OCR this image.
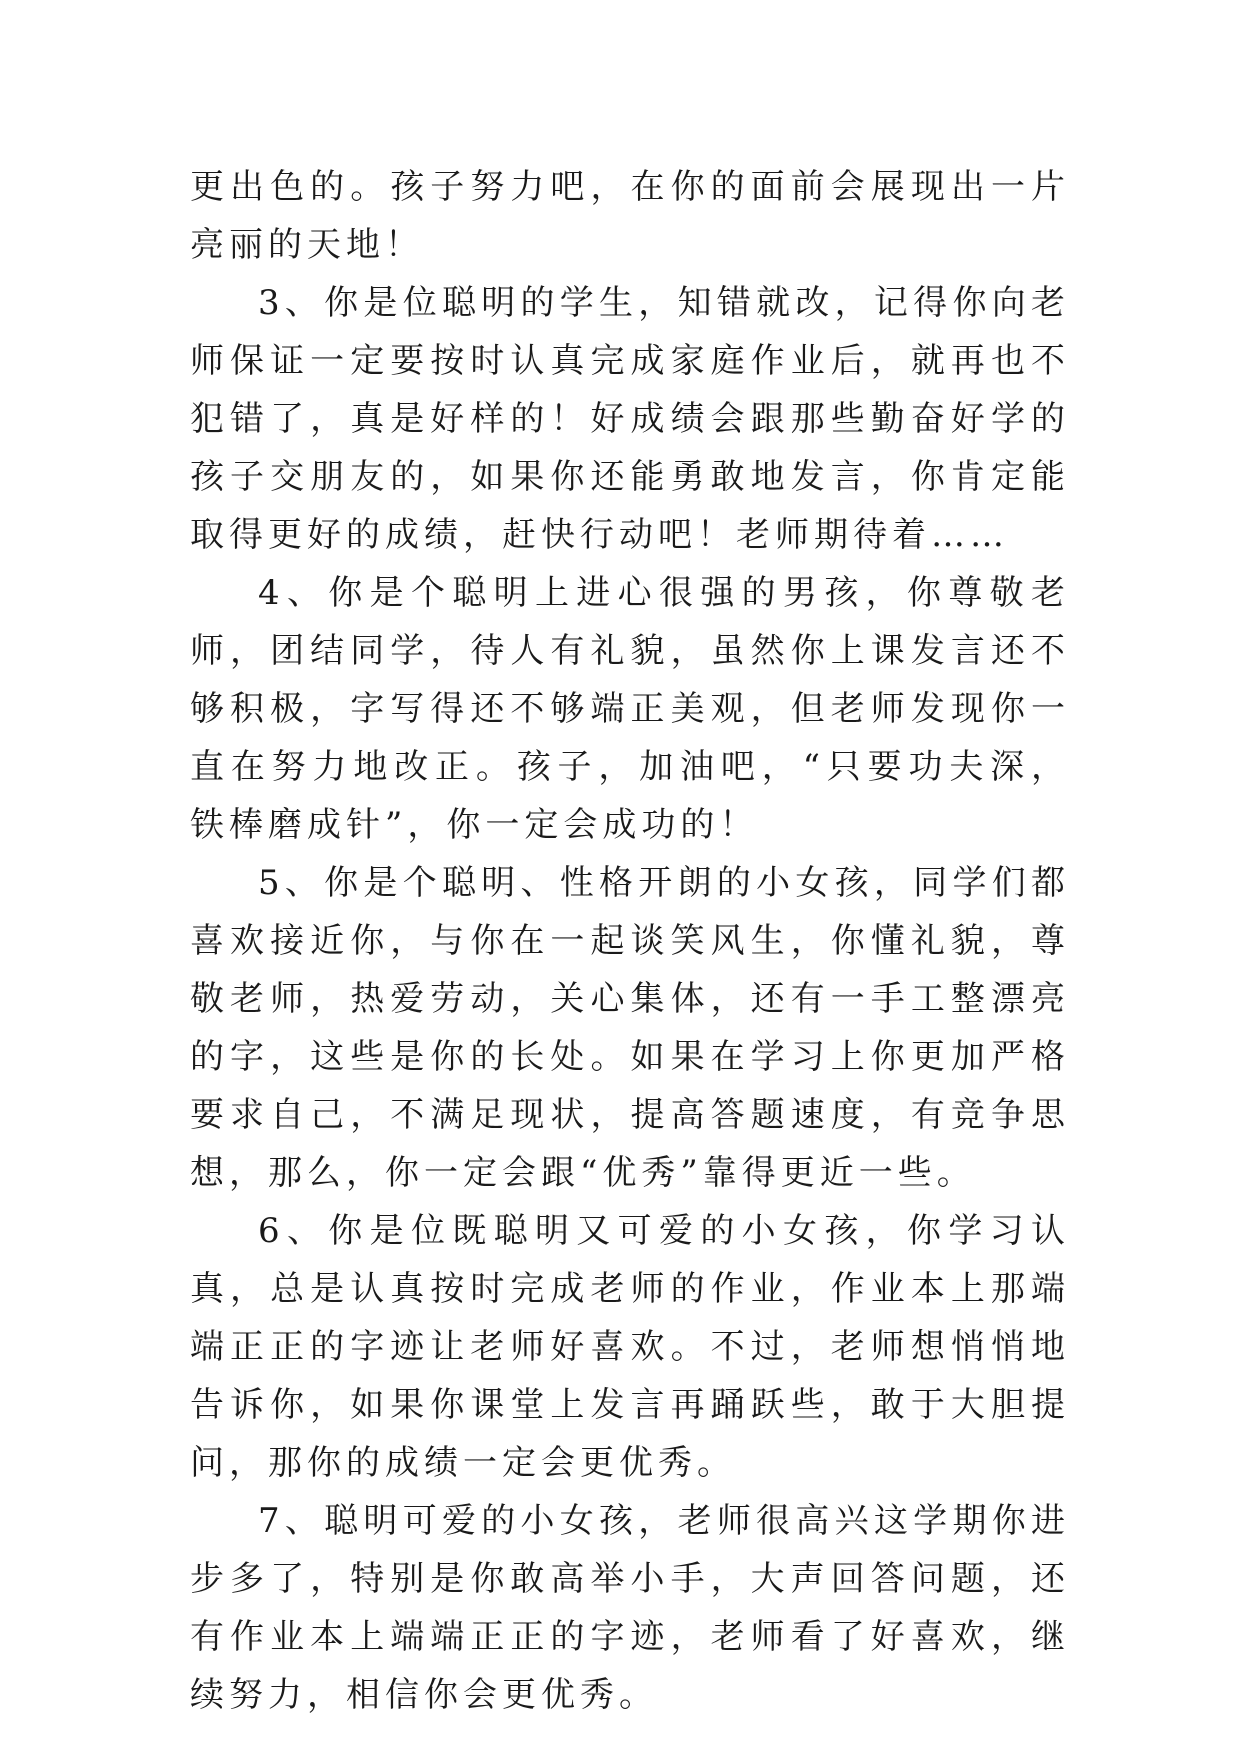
更出色的。孩子努力吧，在你的面前会展现出一片亮丽的天地！

3、你是位聪明的学生，知错就改，记得你向老师保证一定要按时认真完成家庭作业后，就再也不犯错了，真是好样的！好成绩会跟那些勤奋好学的孩子交朋友的，如果你还能勇敢地发言，你肯定能取得更好的成绩，赶快行动吧！老师期待着……

4、你是个聪明上进心很强的男孩，你尊敬老师，团结同学，待人有礼貌，虽然你上课发言还不够积极，字写得还不够端正美观，但老师发现你一直在努力地改正。孩子，加油吧，“只要功夫深，铁棒磨成针”，你一定会成功的！

5、你是个聪明、性格开朗的小女孩，同学们都喜欢接近你，与你在一起谈笑风生，你懂礼貌，尊敬老师，热爱劳动，关心集体，还有一手工整漂亮的字，这些是你的长处。如果在学习上你更加严格要求自己，不满足现状，提高答题速度，有竞争思想，那么，你一定会跟“优秀”靠得更近一些。

6、你是位既聪明又可爱的小女孩，你学习认真，总是认真按时完成老师的作业，作业本上那端端正正的字迹让老师好喜欢。不过，老师想悄悄地告诉你，如果你课堂上发言再踊跃些，敢于大胆提问，那你的成绩一定会更优秀。

7、聪明可爱的小女孩，老师很高兴这学期你进步多了，特别是你敢高举小手，大声回答问题，还有作业本上端端正正的字迹，老师看了好喜欢，继续努力，相信你会更优秀。
